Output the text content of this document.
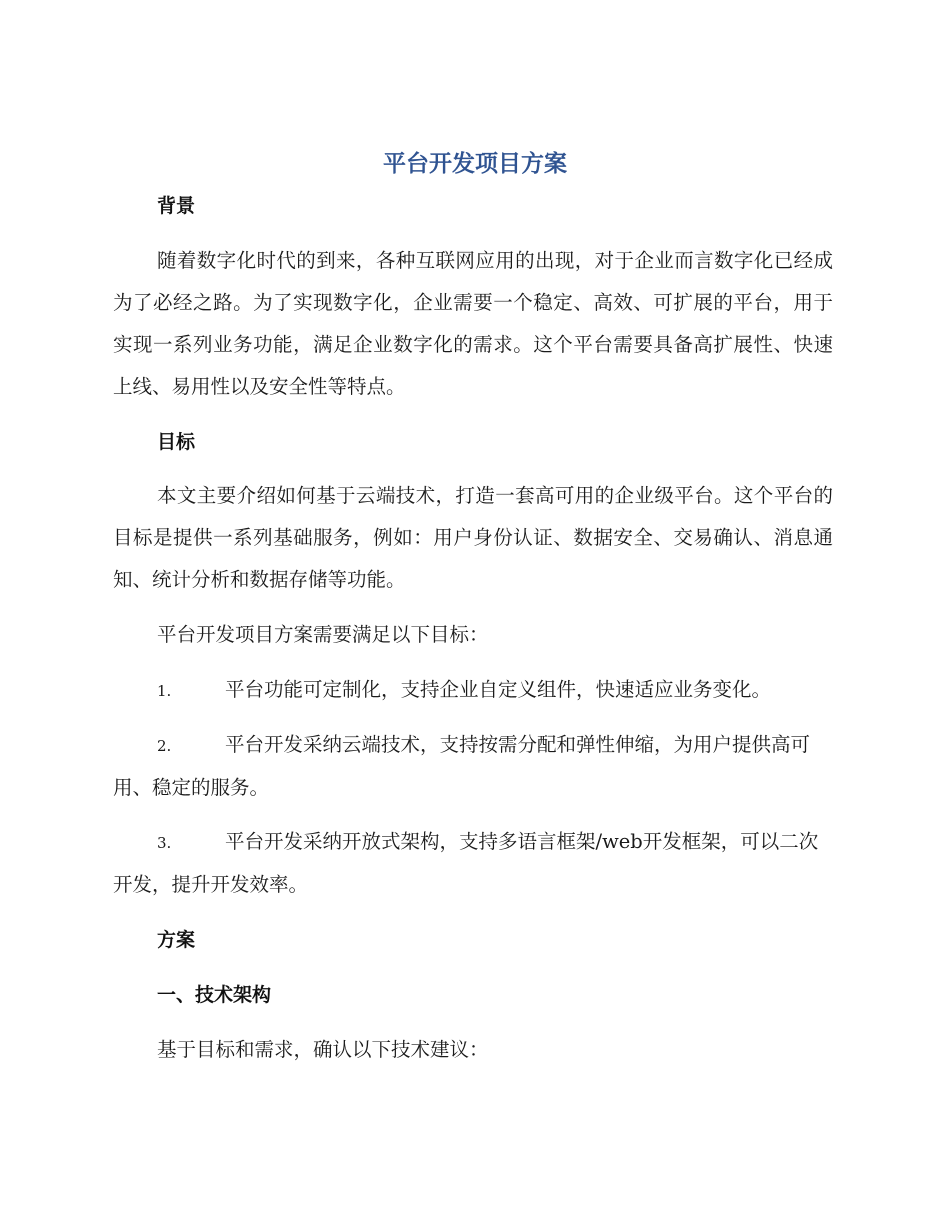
平台开发项目方案
背景
随着数字化时代的到来，各种互联网应用的出现，对于企业而言数字化已经成为了必经之路。为了实现数字化，企业需要一个稳定、高效、可扩展的平台，用于实现一系列业务功能，满足企业数字化的需求。这个平台需要具备高扩展性、快速上线、易用性以及安全性等特点。
目标
本文主要介绍如何基于云端技术，打造一套高可用的企业级平台。这个平台的目标是提供一系列基础服务，例如：用户身份认证、数据安全、交易确认、消息通知、统计分析和数据存储等功能。
平台开发项目方案需要满足以下目标：
1.	平台功能可定制化，支持企业自定义组件，快速适应业务变化。
2.	平台开发采纳云端技术，支持按需分配和弹性伸缩，为用户提供高可用、稳定的服务。
3.	平台开发采纳开放式架构，支持多语言框架/web开发框架，可以二次开发，提升开发效率。
方案
一、技术架构
基于目标和需求，确认以下技术建议：
